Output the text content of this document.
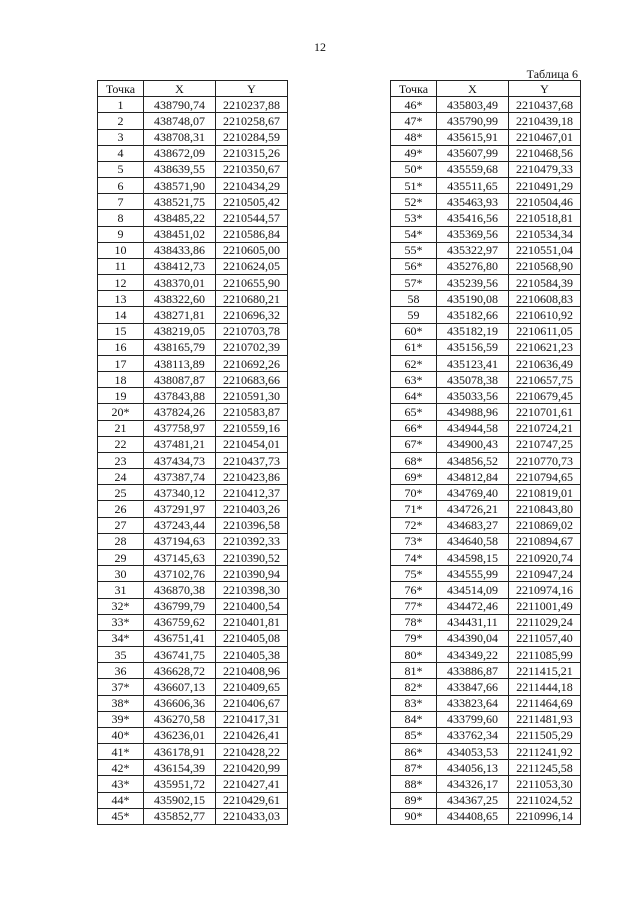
12
Таблица 6
Точка	X	Y
1	438790,74	2210237,88
2	438748,07	2210258,67
3	438708,31	2210284,59
4	438672,09	2210315,26
5	438639,55	2210350,67
6	438571,90	2210434,29
7	438521,75	2210505,42
8	438485,22	2210544,57
9	438451,02	2210586,84
10	438433,86	2210605,00
11	438412,73	2210624,05
12	438370,01	2210655,90
13	438322,60	2210680,21
14	438271,81	2210696,32
15	438219,05	2210703,78
16	438165,79	2210702,39
17	438113,89	2210692,26
18	438087,87	2210683,66
19	437843,88	2210591,30
20*	437824,26	2210583,87
21	437758,97	2210559,16
22	437481,21	2210454,01
23	437434,73	2210437,73
24	437387,74	2210423,86
25	437340,12	2210412,37
26	437291,97	2210403,26
27	437243,44	2210396,58
28	437194,63	2210392,33
29	437145,63	2210390,52
30	437102,76	2210390,94
31	436870,38	2210398,30
32*	436799,79	2210400,54
33*	436759,62	2210401,81
34*	436751,41	2210405,08
35	436741,75	2210405,38
36	436628,72	2210408,96
37*	436607,13	2210409,65
38*	436606,36	2210406,67
39*	436270,58	2210417,31
40*	436236,01	2210426,41
41*	436178,91	2210428,22
42*	436154,39	2210420,99
43*	435951,72	2210427,41
44*	435902,15	2210429,61
45*	435852,77	2210433,03
Точка	X	Y
46*	435803,49	2210437,68
47*	435790,99	2210439,18
48*	435615,91	2210467,01
49*	435607,99	2210468,56
50*	435559,68	2210479,33
51*	435511,65	2210491,29
52*	435463,93	2210504,46
53*	435416,56	2210518,81
54*	435369,56	2210534,34
55*	435322,97	2210551,04
56*	435276,80	2210568,90
57*	435239,56	2210584,39
58	435190,08	2210608,83
59	435182,66	2210610,92
60*	435182,19	2210611,05
61*	435156,59	2210621,23
62*	435123,41	2210636,49
63*	435078,38	2210657,75
64*	435033,56	2210679,45
65*	434988,96	2210701,61
66*	434944,58	2210724,21
67*	434900,43	2210747,25
68*	434856,52	2210770,73
69*	434812,84	2210794,65
70*	434769,40	2210819,01
71*	434726,21	2210843,80
72*	434683,27	2210869,02
73*	434640,58	2210894,67
74*	434598,15	2210920,74
75*	434555,99	2210947,24
76*	434514,09	2210974,16
77*	434472,46	2211001,49
78*	434431,11	2211029,24
79*	434390,04	2211057,40
80*	434349,22	2211085,99
81*	433886,87	2211415,21
82*	433847,66	2211444,18
83*	433823,64	2211464,69
84*	433799,60	2211481,93
85*	433762,34	2211505,29
86*	434053,53	2211241,92
87*	434056,13	2211245,58
88*	434326,17	2211053,30
89*	434367,25	2211024,52
90*	434408,65	2210996,14
